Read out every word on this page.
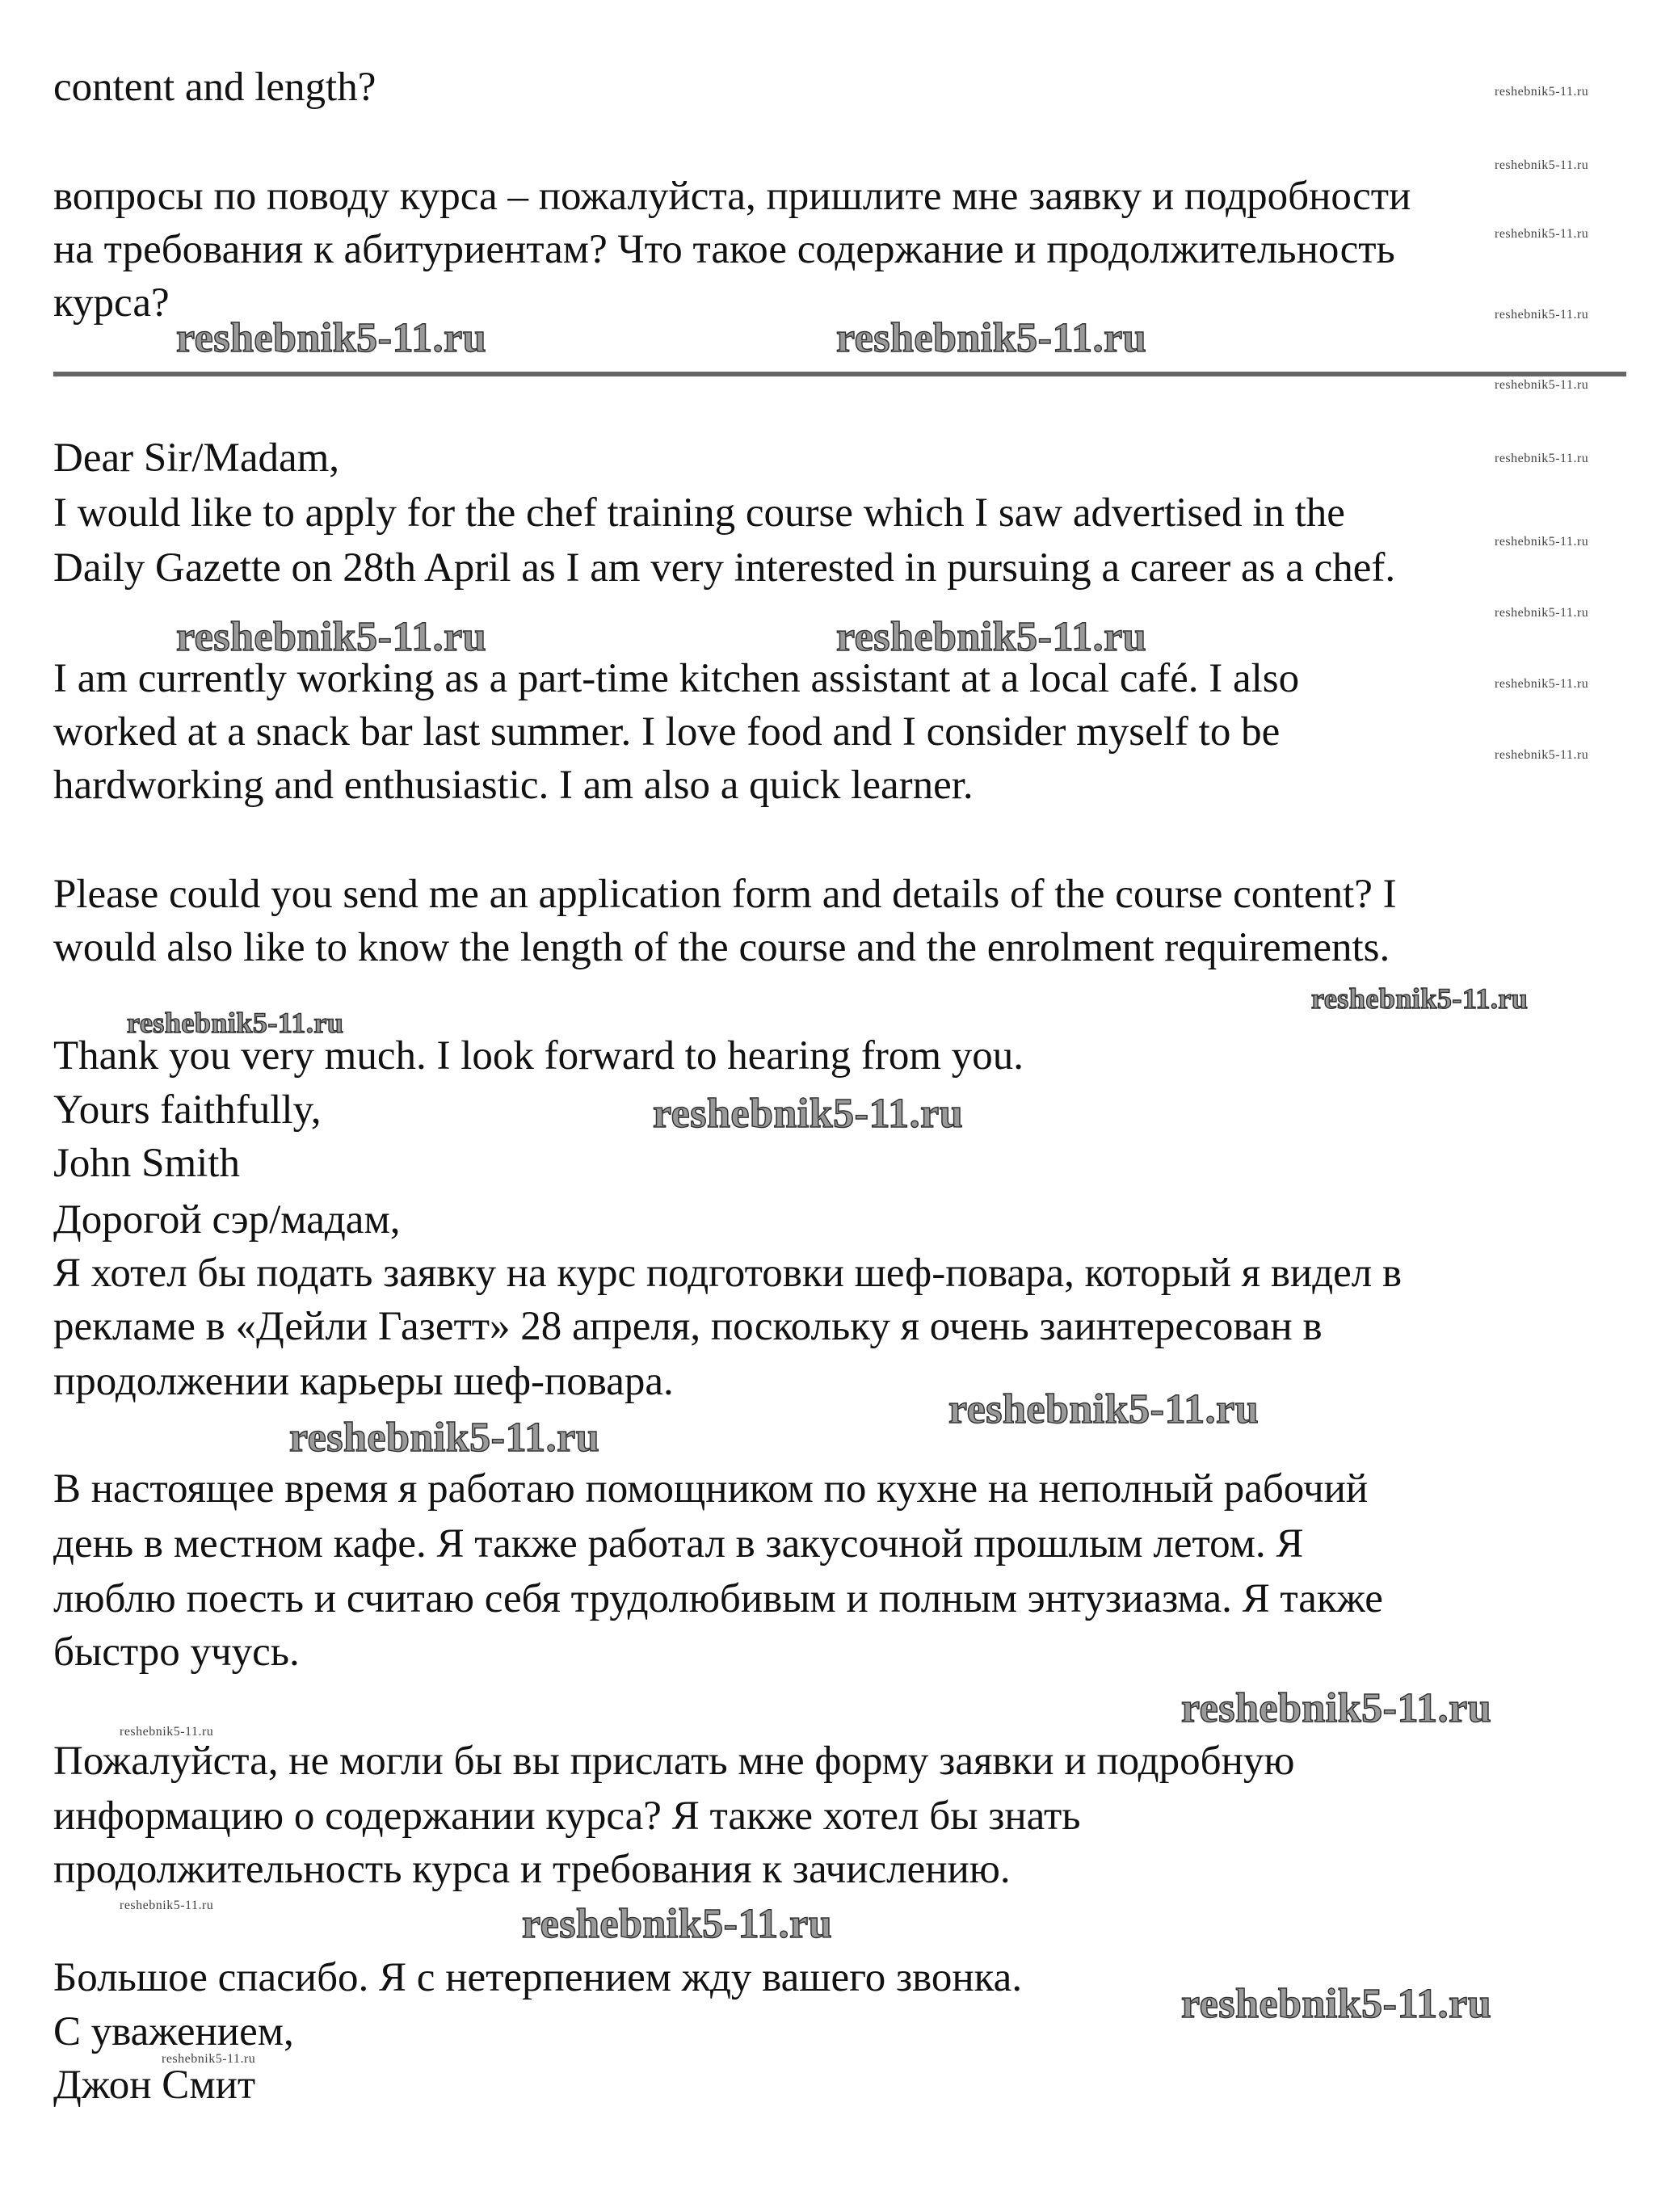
content and length?
вопросы по поводу курса – пожалуйста, пришлите мне заявку и подробности
на требования к абитуриентам? Что такое содержание и продолжительность
курса?
Dear Sir/Madam,
I would like to apply for the chef training course which I saw advertised in the
Daily Gazette on 28th April as I am very interested in pursuing a career as a chef.
I am currently working as a part-time kitchen assistant at a local café. I also
worked at a snack bar last summer. I love food and I consider myself to be
hardworking and enthusiastic. I am also a quick learner.
Please could you send me an application form and details of the course content? I
would also like to know the length of the course and the enrolment requirements.
Thank you very much. I look forward to hearing from you.
Yours faithfully,
John Smith
Дорогой сэр/мадам,
Я хотел бы подать заявку на курс подготовки шеф-повара, который я видел в
рекламе в «Дейли Газетт» 28 апреля, поскольку я очень заинтересован в
продолжении карьеры шеф-повара.
В настоящее время я работаю помощником по кухне на неполный рабочий
день в местном кафе. Я также работал в закусочной прошлым летом. Я
люблю поесть и считаю себя трудолюбивым и полным энтузиазма. Я также
быстро учусь.
Пожалуйста, не могли бы вы прислать мне форму заявки и подробную
информацию о содержании курса? Я также хотел бы знать
продолжительность курса и требования к зачислению.
Большое спасибо. Я с нетерпением жду вашего звонка.
С уважением,
Джон Смит
reshebnik5-11.ru	reshebnik5-11.ru
reshebnik5-11.ru	reshebnik5-11.ru
reshebnik5-11.ru
reshebnik5-11.ru
reshebnik5-11.ru
reshebnik5-11.ru
reshebnik5-11.ru
reshebnik5-11.ru
reshebnik5-11.ru
reshebnik5-11.ru	reshebnik5-11.ru
reshebnik5-11.ru
reshebnik5-11.ru
reshebnik5-11.ru
reshebnik5-11.ru
reshebnik5-11.ru
reshebnik5-11.ru
reshebnik5-11.ru
reshebnik5-11.ru
reshebnik5-11.ru
reshebnik5-11.ru
reshebnik5-11.ru
reshebnik5-11.ru
